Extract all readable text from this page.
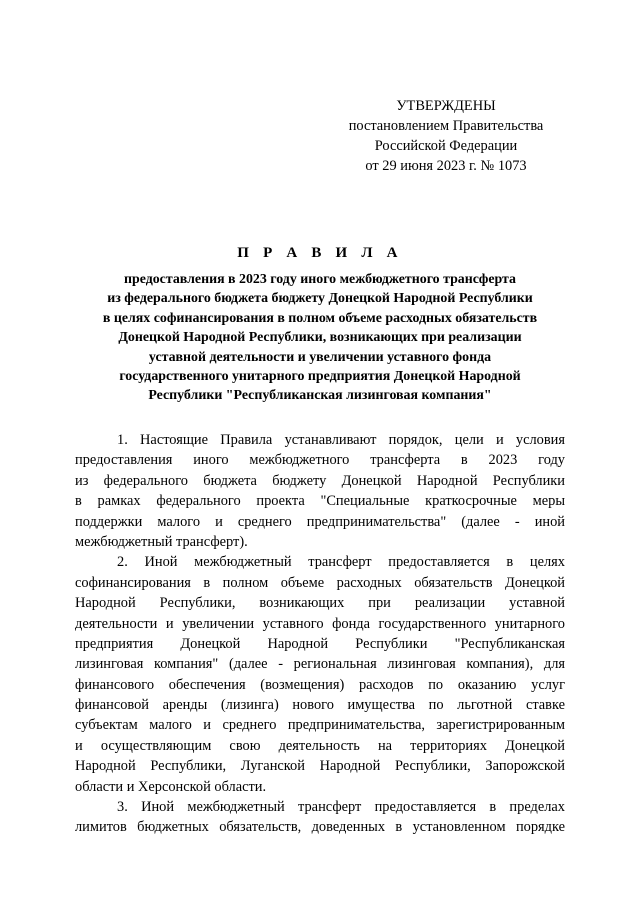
УТВЕРЖДЕНЫ
постановлением Правительства
Российской Федерации
от 29 июня 2023 г. № 1073
П Р А В И Л А
предоставления в 2023 году иного межбюджетного трансферта
из федерального бюджета бюджету Донецкой Народной Республики
в целях софинансирования в полном объеме расходных обязательств
Донецкой Народной Республики, возникающих при реализации
уставной деятельности и увеличении уставного фонда
государственного унитарного предприятия Донецкой Народной
Республики "Республиканская лизинговая компания"
1. Настоящие Правила устанавливают порядок, цели и условия
предоставления иного межбюджетного трансферта в 2023 году
из федерального бюджета бюджету Донецкой Народной Республики
в рамках федерального проекта "Специальные краткосрочные меры
поддержки малого и среднего предпринимательства" (далее - иной
межбюджетный трансферт).
2. Иной межбюджетный трансферт предоставляется в целях
софинансирования в полном объеме расходных обязательств Донецкой
Народной Республики, возникающих при реализации уставной
деятельности и увеличении уставного фонда государственного унитарного
предприятия Донецкой Народной Республики "Республиканская
лизинговая компания" (далее - региональная лизинговая компания), для
финансового обеспечения (возмещения) расходов по оказанию услуг
финансовой аренды (лизинга) нового имущества по льготной ставке
субъектам малого и среднего предпринимательства, зарегистрированным
и осуществляющим свою деятельность на территориях Донецкой
Народной Республики, Луганской Народной Республики, Запорожской
области и Херсонской области.
3. Иной межбюджетный трансферт предоставляется в пределах
лимитов бюджетных обязательств, доведенных в установленном порядке
